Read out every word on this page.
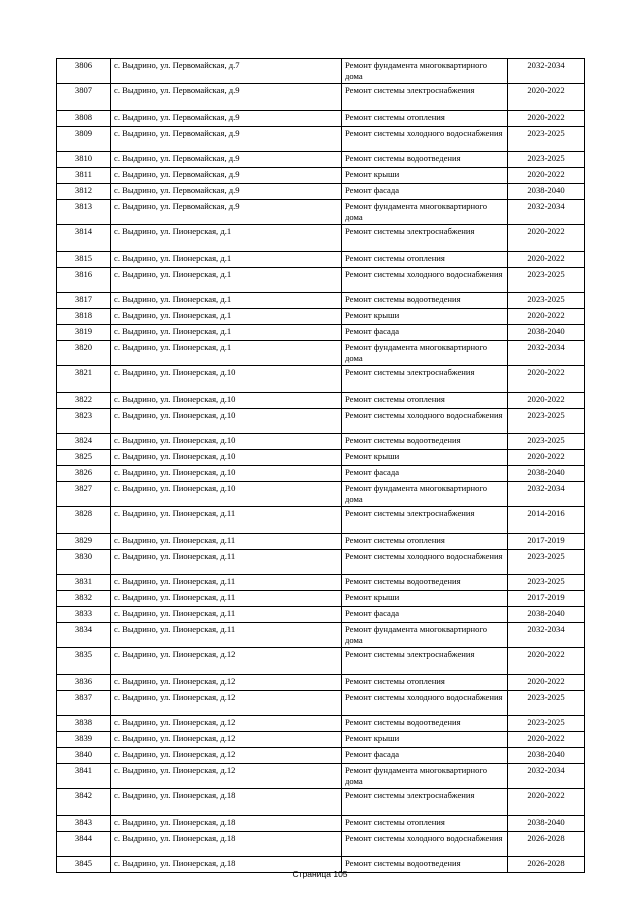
3806	с. Выдрино, ул. Первомайская, д.7	Ремонт фундамента многоквартирного дома	2032-2034
3807	с. Выдрино, ул. Первомайская, д.9	Ремонт системы электроснабжения	2020-2022
3808	с. Выдрино, ул. Первомайская, д.9	Ремонт системы отопления	2020-2022
3809	с. Выдрино, ул. Первомайская, д.9	Ремонт системы холодного водоснабжения	2023-2025
3810	с. Выдрино, ул. Первомайская, д.9	Ремонт системы водоотведения	2023-2025
3811	с. Выдрино, ул. Первомайская, д.9	Ремонт крыши	2020-2022
3812	с. Выдрино, ул. Первомайская, д.9	Ремонт фасада	2038-2040
3813	с. Выдрино, ул. Первомайская, д.9	Ремонт фундамента многоквартирного дома	2032-2034
3814	с. Выдрино, ул. Пионерская, д.1	Ремонт системы электроснабжения	2020-2022
3815	с. Выдрино, ул. Пионерская, д.1	Ремонт системы отопления	2020-2022
3816	с. Выдрино, ул. Пионерская, д.1	Ремонт системы холодного водоснабжения	2023-2025
3817	с. Выдрино, ул. Пионерская, д.1	Ремонт системы водоотведения	2023-2025
3818	с. Выдрино, ул. Пионерская, д.1	Ремонт крыши	2020-2022
3819	с. Выдрино, ул. Пионерская, д.1	Ремонт фасада	2038-2040
3820	с. Выдрино, ул. Пионерская, д.1	Ремонт фундамента многоквартирного дома	2032-2034
3821	с. Выдрино, ул. Пионерская, д.10	Ремонт системы электроснабжения	2020-2022
3822	с. Выдрино, ул. Пионерская, д.10	Ремонт системы отопления	2020-2022
3823	с. Выдрино, ул. Пионерская, д.10	Ремонт системы холодного водоснабжения	2023-2025
3824	с. Выдрино, ул. Пионерская, д.10	Ремонт системы водоотведения	2023-2025
3825	с. Выдрино, ул. Пионерская, д.10	Ремонт крыши	2020-2022
3826	с. Выдрино, ул. Пионерская, д.10	Ремонт фасада	2038-2040
3827	с. Выдрино, ул. Пионерская, д.10	Ремонт фундамента многоквартирного дома	2032-2034
3828	с. Выдрино, ул. Пионерская, д.11	Ремонт системы электроснабжения	2014-2016
3829	с. Выдрино, ул. Пионерская, д.11	Ремонт системы отопления	2017-2019
3830	с. Выдрино, ул. Пионерская, д.11	Ремонт системы холодного водоснабжения	2023-2025
3831	с. Выдрино, ул. Пионерская, д.11	Ремонт системы водоотведения	2023-2025
3832	с. Выдрино, ул. Пионерская, д.11	Ремонт крыши	2017-2019
3833	с. Выдрино, ул. Пионерская, д.11	Ремонт фасада	2038-2040
3834	с. Выдрино, ул. Пионерская, д.11	Ремонт фундамента многоквартирного дома	2032-2034
3835	с. Выдрино, ул. Пионерская, д.12	Ремонт системы электроснабжения	2020-2022
3836	с. Выдрино, ул. Пионерская, д.12	Ремонт системы отопления	2020-2022
3837	с. Выдрино, ул. Пионерская, д.12	Ремонт системы холодного водоснабжения	2023-2025
3838	с. Выдрино, ул. Пионерская, д.12	Ремонт системы водоотведения	2023-2025
3839	с. Выдрино, ул. Пионерская, д.12	Ремонт крыши	2020-2022
3840	с. Выдрино, ул. Пионерская, д.12	Ремонт фасада	2038-2040
3841	с. Выдрино, ул. Пионерская, д.12	Ремонт фундамента многоквартирного дома	2032-2034
3842	с. Выдрино, ул. Пионерская, д.18	Ремонт системы электроснабжения	2020-2022
3843	с. Выдрино, ул. Пионерская, д.18	Ремонт системы отопления	2038-2040
3844	с. Выдрино, ул. Пионерская, д.18	Ремонт системы холодного водоснабжения	2026-2028
3845	с. Выдрино, ул. Пионерская, д.18	Ремонт системы водоотведения	2026-2028
Страница 105
